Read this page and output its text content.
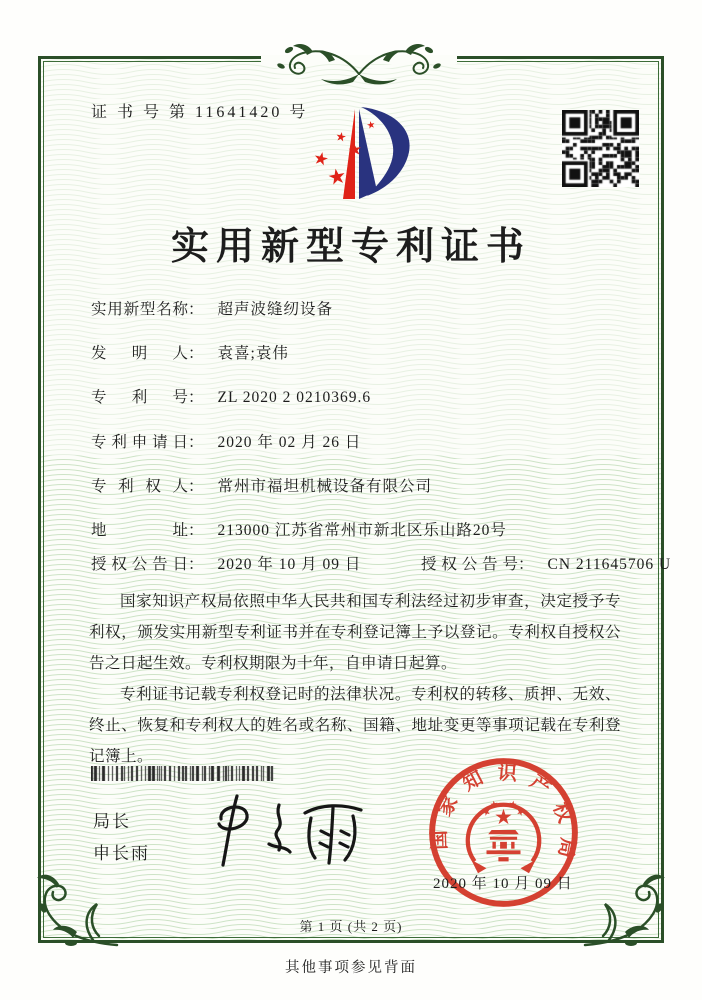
证 书 号 第 11641420 号
实用新型专利证书
实用新型名称： 超声波缝纫设备
发明人： 袁喜;袁伟
专利号： ZL 2020 2 0210369.6
专利申请日： 2020 年 02 月 26 日
专利权人： 常州市福坦机械设备有限公司
地址： 213000 江苏省常州市新北区乐山路20号
授权公告日： 2020 年 10 月 09 日	授权公告号： CN 211645706 U

国家知识产权局依照中华人民共和国专利法经过初步审查，决定授予专利权，颁发实用新型专利证书并在专利登记簿上予以登记。专利权自授权公告之日起生效。专利权期限为十年，自申请日起算。

专利证书记载专利权登记时的法律状况。专利权的转移、质押、无效、终止、恢复和专利权人的姓名或名称、国籍、地址变更等事项记载在专利登记簿上。

局长
申长雨
国家知识产权局
2020 年 10 月 09 日
第 1 页 (共 2 页)
其他事项参见背面
